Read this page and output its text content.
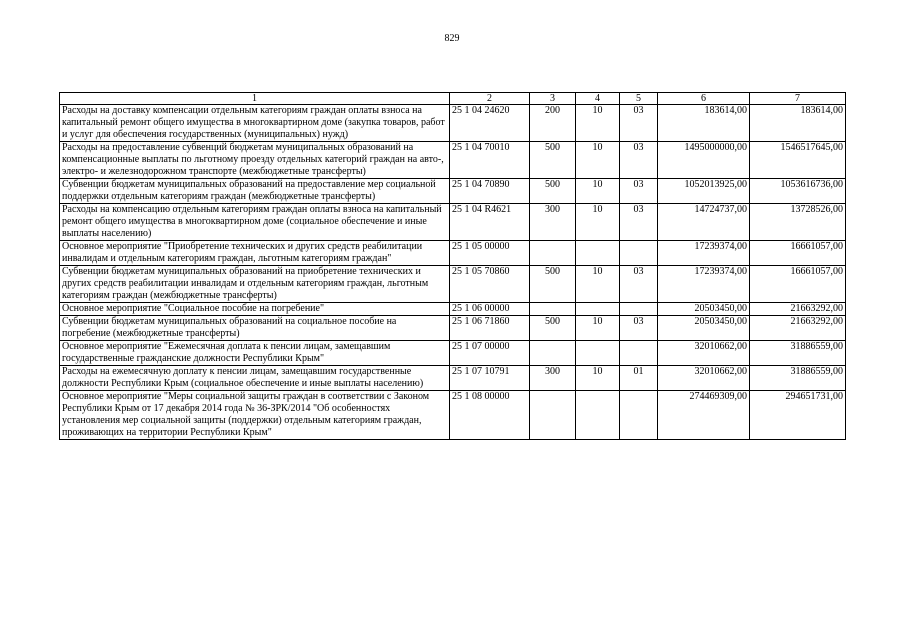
829
1	2	3	4	5	6	7
Расходы на доставку компенсации отдельным категориям граждан оплаты взноса на капитальный ремонт общего имущества в многоквартирном доме (закупка товаров, работ и услуг для обеспечения государственных (муниципальных) нужд)	25 1 04 24620	200	10	03	183614,00	183614,00
Расходы на предоставление субвенций бюджетам муниципальных образований на компенсационные выплаты по льготному проезду отдельных категорий граждан на авто-, электро- и железнодорожном транспорте (межбюджетные трансферты)	25 1 04 70010	500	10	03	1495000000,00	1546517645,00
Субвенции бюджетам муниципальных образований на предоставление мер социальной поддержки отдельным категориям граждан (межбюджетные трансферты)	25 1 04 70890	500	10	03	1052013925,00	1053616736,00
Расходы на компенсацию отдельным категориям граждан оплаты взноса на капитальный ремонт общего имущества в многоквартирном доме (социальное обеспечение и иные выплаты населению)	25 1 04 R4621	300	10	03	14724737,00	13728526,00
Основное мероприятие "Приобретение технических и других средств реабилитации инвалидам и отдельным категориям граждан, льготным категориям граждан"	25 1 05 00000				17239374,00	16661057,00
Субвенции бюджетам муниципальных образований на приобретение технических и других средств реабилитации инвалидам и отдельным категориям граждан, льготным категориям граждан (межбюджетные трансферты)	25 1 05 70860	500	10	03	17239374,00	16661057,00
Основное мероприятие "Социальное пособие на погребение"	25 1 06 00000				20503450,00	21663292,00
Субвенции бюджетам муниципальных образований на социальное пособие на погребение (межбюджетные трансферты)	25 1 06 71860	500	10	03	20503450,00	21663292,00
Основное мероприятие "Ежемесячная доплата к пенсии лицам, замещавшим государственные гражданские должности Республики Крым"	25 1 07 00000				32010662,00	31886559,00
Расходы на ежемесячную доплату к пенсии лицам, замещавшим государственные должности Республики Крым (социальное обеспечение и иные выплаты населению)	25 1 07 10791	300	10	01	32010662,00	31886559,00
Основное мероприятие "Меры социальной защиты граждан в соответствии с Законом Республики Крым от 17 декабря 2014 года № 36-ЗРК/2014 "Об особенностях установления мер социальной защиты (поддержки) отдельным категориям граждан, проживающих на территории Республики Крым"	25 1 08 00000				274469309,00	294651731,00
